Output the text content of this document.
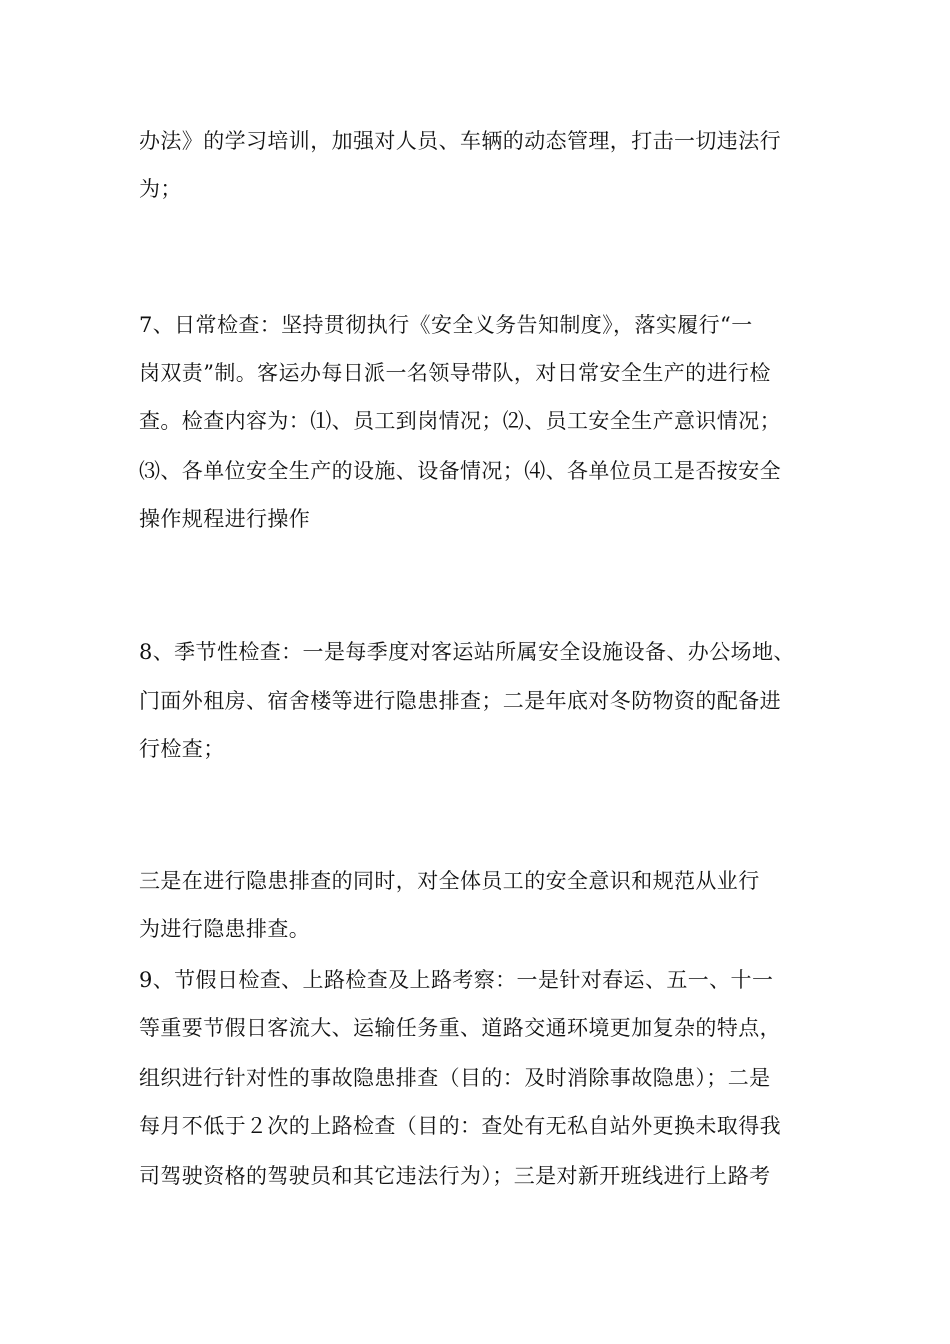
办法》的学习培训，加强对人员、车辆的动态管理，打击一切违法行
为；
7、日常检查：坚持贯彻执行《安全义务告知制度》，落实履行“一
岗双责”制。客运办每日派一名领导带队，对日常安全生产的进行检
查。检查内容为：⑴、员工到岗情况；⑵、员工安全生产意识情况；
⑶、各单位安全生产的设施、设备情况；⑷、各单位员工是否按安全
操作规程进行操作
8、季节性检查：一是每季度对客运站所属安全设施设备、办公场地、
门面外租房、宿舍楼等进行隐患排查；二是年底对冬防物资的配备进
行检查；
三是在进行隐患排查的同时，对全体员工的安全意识和规范从业行
为进行隐患排查。
9、节假日检查、上路检查及上路考察：一是针对春运、五一、十一
等重要节假日客流大、运输任务重、道路交通环境更加复杂的特点，
组织进行针对性的事故隐患排查（目的：及时消除事故隐患）；二是
每月不低于２次的上路检查（目的：查处有无私自站外更换未取得我
司驾驶资格的驾驶员和其它违法行为）；三是对新开班线进行上路考
